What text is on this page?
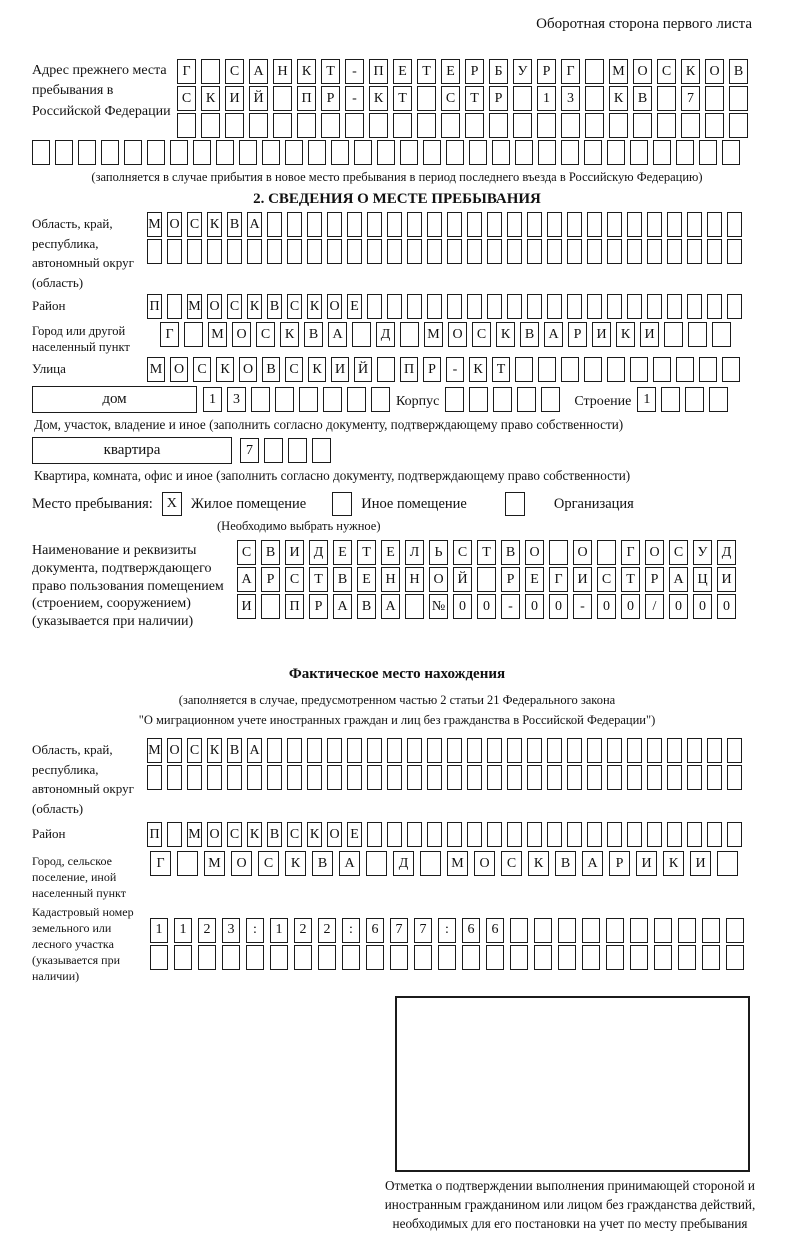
Оборотная сторона первого листа
Адрес прежнего места пребывания в Российской Федерации
Г	С	А Н	К	Т	-	П	Е	Т	Е	Р	Б	У	Р	Г	М О	С	К	О	В
С	К	И Й	П	Р	-	К	Т	С	Т	Р	1	3	К	В	7
(заполняется в случае прибытия в новое место пребывания в период последнего въезда в Российскую Федерацию)
2. СВЕДЕНИЯ О МЕСТЕ ПРЕБЫВАНИЯ
Область, край, республика, автономный округ (область)
М О С К В А
Район	П М О С К В С К О Е
Город или другой населенный пункт
Г	М О	С	К	В	А	Д	М О	С	К	В	А	Р	И	К	И
Улица	М О С К О В С К И Й	П	Р	-	К	Т
дом	1	3	Корпус	Строение 1
Дом, участок, владение и иное (заполнить согласно документу, подтверждающему право собственности)
квартира	7
Квартира, комната, офис и иное (заполнить согласно документу, подтверждающему право собственности)
Место пребывания: X Жилое помещение	Иное помещение	Организация
(Необходимо выбрать нужное)
Наименование и реквизиты документа, подтверждающего право пользования помещением (строением, сооружением) (указывается при наличии)
С	В	И	Д	Е	Т	Е	Л	Ь	С	Т	В	О	О	Г	О	С	У	Д
А	Р	С	Т	В	Е	Н Н О Й	Р	Е	Г	И	С	Т	Р	А Ц И
И	П	Р	А	В	А	№ 0	0	-	0	0	-	0	0	/	0	0	0
Фактическое место нахождения
(заполняется в случае, предусмотренном частью 2 статьи 21 Федерального закона
"О миграционном учете иностранных граждан и лиц без гражданства в Российской Федерации")
Область, край, республика, автономный округ (область)
М О С К В А
Район	П М О С К В С К О Е
Город, сельское поселение, иной населенный пункт
Г	М	О	С	К	В	А	Д	М	О	С	К	В	А	Р	И	К	И
Кадастровый номер земельного или лесного участка (указывается при наличии)
1	1	2	3	:	1	2	2	:	6	7	7	:	6	6
Отметка о подтверждении выполнения принимающей стороной и иностранным гражданином или лицом без гражданства действий, необходимых для его постановки на учет по месту пребывания
